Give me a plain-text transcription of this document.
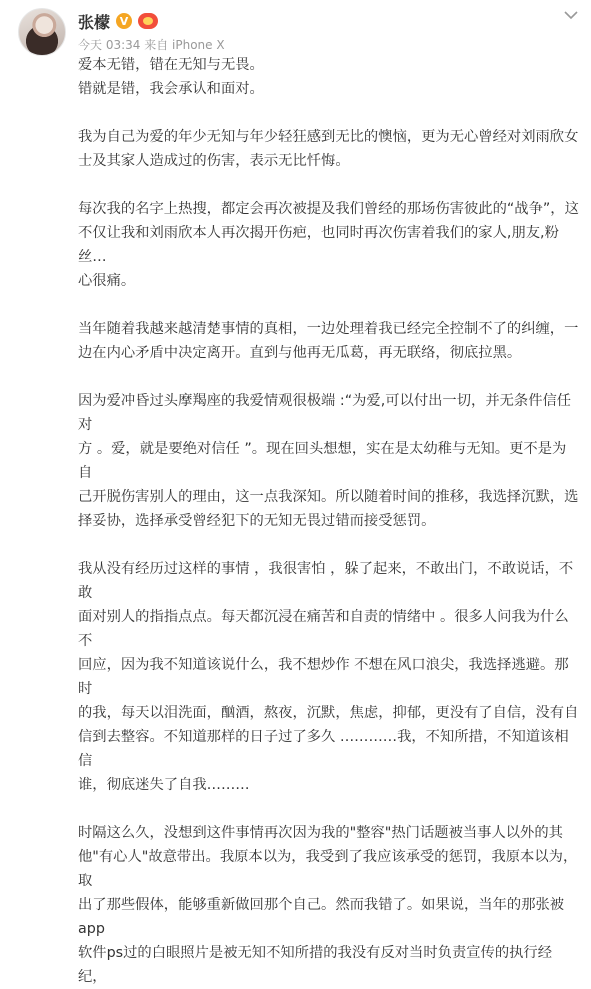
张檬 V
今天 03:34 来自 iPhone X

爱本无错，错在无知与无畏。

错就是错，我会承认和面对。

我为自己为爱的年少无知与年少轻狂感到无比的懊恼，更为无心曾经对刘雨欣女

士及其家人造成过的伤害，表示无比忏悔。

每次我的名字上热搜，都定会再次被提及我们曾经的那场伤害彼此的“战争”，这

不仅让我和刘雨欣本人再次揭开伤疤，也同时再次伤害着我们的家人,朋友,粉丝…

心很痛。

当年随着我越来越清楚事情的真相，一边处理着我已经完全控制不了的纠缠，一

边在内心矛盾中决定离开。直到与他再无瓜葛，再无联络，彻底拉黑。

因为爱冲昏过头摩羯座的我爱情观很极端 :“为爱,可以付出一切，并无条件信任对

方 。爱，就是要绝对信任 ”。现在回头想想，实在是太幼稚与无知。更不是为自

己开脱伤害别人的理由，这一点我深知。所以随着时间的推移，我选择沉默，选

择妥协，选择承受曾经犯下的无知无畏过错而接受惩罚。

我从没有经历过这样的事情 ，我很害怕 ，躲了起来，不敢出门，不敢说话，不敢

面对别人的指指点点。每天都沉浸在痛苦和自责的情绪中 。很多人问我为什么不

回应，因为我不知道该说什么，我不想炒作 不想在风口浪尖，我选择逃避。那时

的我，每天以泪洗面，酗酒，熬夜，沉默，焦虑，抑郁，更没有了自信，没有自

信到去整容。不知道那样的日子过了多久 …………我，不知所措，不知道该相信

谁，彻底迷失了自我………

时隔这么久，没想到这件事情再次因为我的"整容"热门话题被当事人以外的其

他"有心人"故意带出。我原本以为，我受到了我应该承受的惩罚，我原本以为，取

出了那些假体，能够重新做回那个自己。然而我错了。如果说，当年的那张被app

软件ps过的白眼照片是被无知不知所措的我没有反对当时负责宣传的执行经纪，
